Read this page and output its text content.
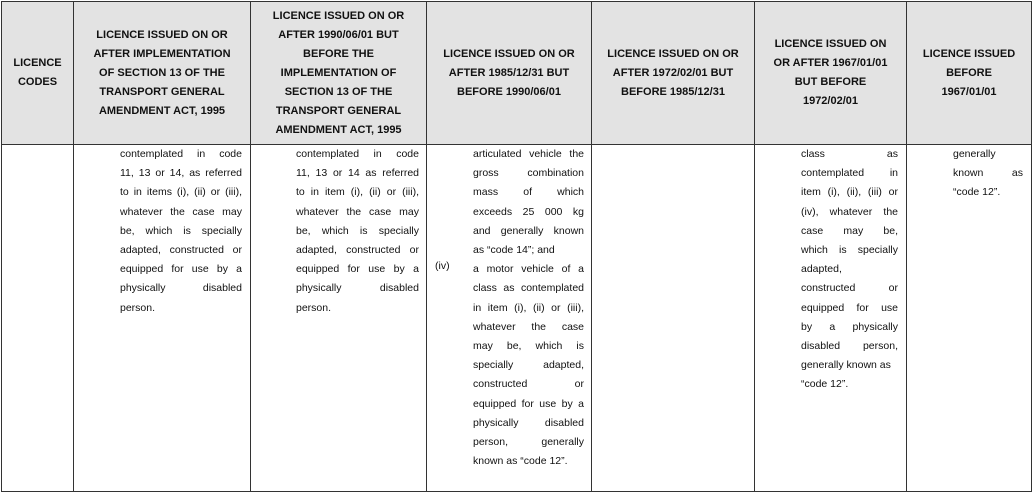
LICENCE
CODES
LICENCE ISSUED ON OR
AFTER IMPLEMENTATION
OF SECTION 13 OF THE
TRANSPORT GENERAL
AMENDMENT ACT, 1995
LICENCE ISSUED ON OR
AFTER 1990/06/01 BUT
BEFORE THE
IMPLEMENTATION OF
SECTION 13 OF THE
TRANSPORT GENERAL
AMENDMENT ACT, 1995
LICENCE ISSUED ON OR
AFTER 1985/12/31 BUT
BEFORE 1990/06/01
LICENCE ISSUED ON OR
AFTER 1972/02/01 BUT
BEFORE 1985/12/31
LICENCE ISSUED ON
OR AFTER 1967/01/01
BUT BEFORE
1972/02/01
LICENCE ISSUED
BEFORE
1967/01/01
contemplated in code
11, 13 or 14, as referred
to in items (i), (ii) or (iii),
whatever the case may
be, which is specially
adapted, constructed or
equipped for use by a
physically disabled
person.
contemplated in code
11, 13 or 14 as referred
to in item (i), (ii) or (iii),
whatever the case may
be, which is specially
adapted, constructed or
equipped for use by a
physically disabled
person.
(iv)
articulated vehicle the
gross combination
mass of which
exceeds 25 000 kg
and generally known
as “code 14”; and
a motor vehicle of a
class as contemplated
in item (i), (ii) or (iii),
whatever the case
may be, which is
specially adapted,
constructed or
equipped for use by a
physically disabled
person, generally
known as “code 12”.
class as
contemplated in
item (i), (ii), (iii) or
(iv), whatever the
case may be,
which is specially
adapted,
constructed or
equipped for use
by a physically
disabled person,
generally known as
“code 12”.
generally
known as
“code 12”.
